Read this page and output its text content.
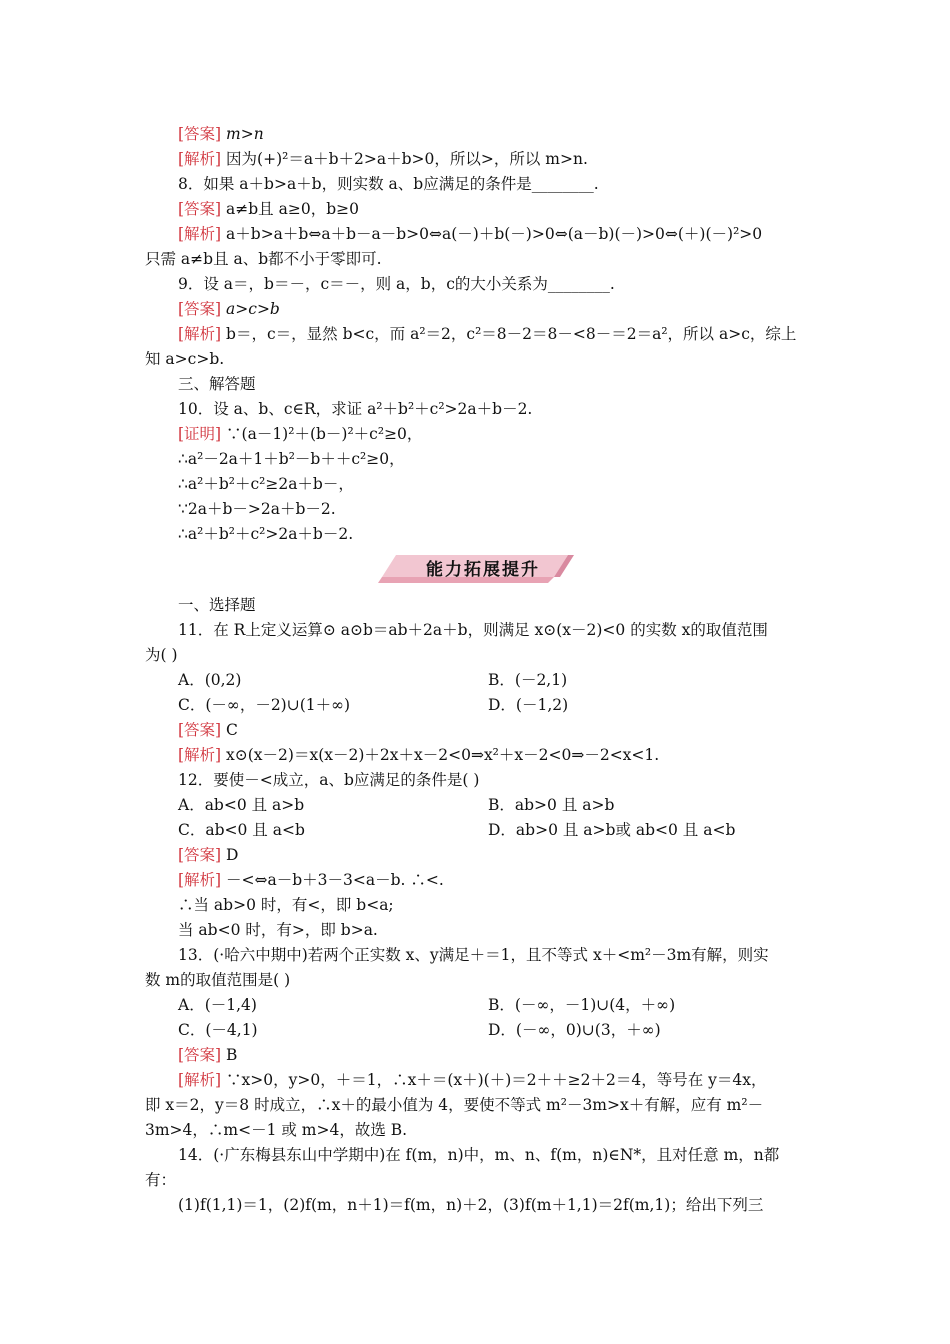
[答案] m>n
[解析] 因为(+)²＝a＋b＋2>a＋b>0，所以>，所以 m>n.
8．如果 a＋b>a＋b，则实数 a、b应满足的条件是________.
[答案] a≠b且 a≥0，b≥0
[解析] a＋b>a＋b⇔a＋b－a－b>0⇔a(－)＋b(－)>0⇔(a－b)(－)>0⇔(＋)(－)²>0
只需 a≠b且 a、b都不小于零即可.
9．设 a＝，b＝－，c＝－，则 a，b，c的大小关系为________.
[答案] a>c>b
[解析] b＝，c＝，显然 b<c，而 a²＝2，c²＝8－2＝8－<8－＝2＝a²，所以 a>c，综上
知 a>c>b.
三、解答题
10．设 a、b、c∈R，求证 a²＋b²＋c²>2a＋b－2.
[证明] ∵(a－1)²＋(b－)²＋c²≥0，
∴a²－2a＋1＋b²－b＋＋c²≥0，
∴a²＋b²＋c²≥2a＋b－，
∵2a＋b－>2a＋b－2.
∴a²＋b²＋c²>2a＋b－2.
能力拓展提升
一、选择题
11．在 R上定义运算⊙ a⊙b＝ab＋2a＋b，则满足 x⊙(x－2)<0 的实数 x的取值范围
为( )
A．(0,2)	B．(－2,1)
C．(－∞，－2)∪(1＋∞)	D．(－1,2)
[答案] C
[解析] x⊙(x－2)＝x(x－2)＋2x＋x－2<0⇒x²＋x－2<0⇒－2<x<1.
12．要使－<成立，a、b应满足的条件是( )
A．ab<0 且 a>b	B．ab>0 且 a>b
C．ab<0 且 a<b	D．ab>0 且 a>b或 ab<0 且 a<b
[答案] D
[解析] －<⇔a－b＋3－3<a－b. ∴<.
∴当 ab>0 时，有<，即 b<a;
当 ab<0 时，有>，即 b>a.
13．(·哈六中期中)若两个正实数 x、y满足＋＝1，且不等式 x＋<m²－3m有解，则实
数 m的取值范围是( )
A．(－1,4)	B．(－∞，－1)∪(4，＋∞)
C．(－4,1)	D．(－∞，0)∪(3，＋∞)
[答案] B
[解析] ∵x>0，y>0，＋＝1，∴x＋＝(x＋)(＋)＝2＋＋≥2＋2＝4，等号在 y＝4x，
即 x＝2，y＝8 时成立，∴x＋的最小值为 4，要使不等式 m²－3m>x＋有解，应有 m²－
3m>4，∴m<－1 或 m>4，故选 B.
14．(·广东梅县东山中学期中)在 f(m，n)中，m、n、f(m，n)∈N*，且对任意 m，n都
有：
(1)f(1,1)＝1，(2)f(m，n＋1)＝f(m，n)＋2，(3)f(m＋1,1)＝2f(m,1)；给出下列三
